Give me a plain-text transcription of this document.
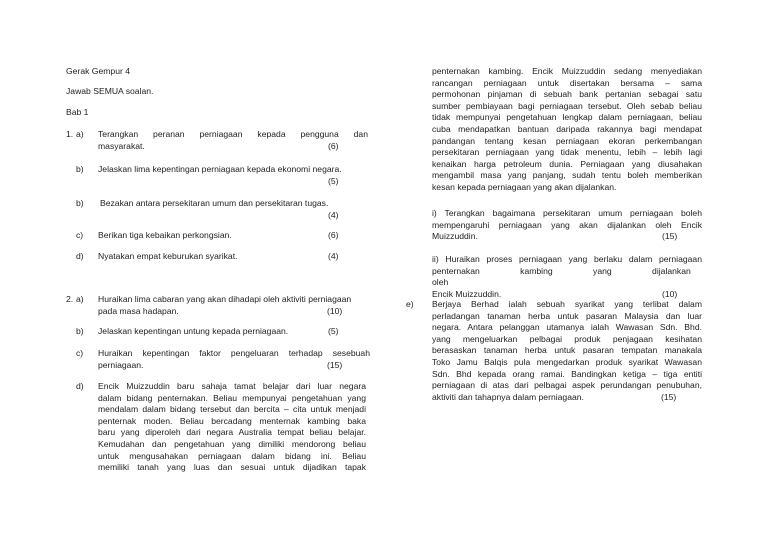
Gerak Gempur 4
Jawab SEMUA soalan.
Bab 1
1. a) Terangkan peranan perniagaan kepada pengguna dan
masyarakat.	(6)
b) Jelaskan lima kepentingan perniagaan kepada ekonomi negara.
(5)
b) Bezakan antara persekitaran umum dan persekitaran tugas.
(4)
c) Berikan tiga kebaikan perkongsian.	(6)
d) Nyatakan empat keburukan syarikat.	(4)
2. a) Huraikan lima cabaran yang akan dihadapi oleh aktiviti perniagaan
pada masa hadapan.	(10)
b) Jelaskan kepentingan untung kepada perniagaan.	(5)
c) Huraikan kepentingan faktor pengeluaran terhadap sesebuah
perniagaan.	(15)
d) Encik Muizzuddin baru sahaja tamat belajar dari luar negara
dalam bidang penternakan. Beliau mempunyai pengetahuan yang
mendalam dalam bidang tersebut dan bercita – cita untuk menjadi
penternak moden. Beliau bercadang menternak kambing baka
baru yang diperoleh dari negara Australia tempat beliau belajar.
Kemudahan dan pengetahuan yang dimiliki mendorong beliau
untuk mengusahakan perniagaan dalam bidang ini. Beliau
memiliki tanah yang luas dan sesuai untuk dijadikan tapak
penternakan kambing. Encik Muizzuddin sedang menyediakan
rancangan perniagaan untuk disertakan bersama – sama
permohonan pinjaman di sebuah bank pertanian sebagai satu
sumber pembiayaan bagi perniagaan tersebut. Oleh sebab beliau
tidak mempunyai pengetahuan lengkap dalam perniagaan, beliau
cuba mendapatkan bantuan daripada rakannya bagi mendapat
pandangan tentang kesan perniagaan ekoran perkembangan
persekitaran perniagaan yang tidak menentu, lebih – lebih lagi
kenaikan harga petroleum dunia. Perniagaan yang diusahakan
mengambil masa yang panjang, sudah tentu boleh memberikan
kesan kepada perniagaan yang akan dijalankan.
i) Terangkan bagaimana persekitaran umum perniagaan boleh
mempengaruhi perniagaan yang akan dijalankan oleh Encik
Muizzuddin.	(15)
ii) Huraikan proses perniagaan yang berlaku dalam perniagaan
penternakan kambing yang dijalankan oleh
Encik Muizzuddin.	(10)
e) Berjaya Berhad ialah sebuah syarikat yang terlibat dalam
perladangan tanaman herba untuk pasaran Malaysia dan luar
negara. Antara pelanggan utamanya ialah Wawasan Sdn. Bhd.
yang mengeluarkan pelbagai produk penjagaan kesihatan
berasaskan tanaman herba untuk pasaran tempatan manakala
Toko Jamu Balqis pula mengedarkan produk syarikat Wawasan
Sdn. Bhd kepada orang ramai. Bandingkan ketiga – tiga entiti
perniagaan di atas dari pelbagai aspek perundangan penubuhan,
aktiviti dan tahapnya dalam perniagaan.	(15)
